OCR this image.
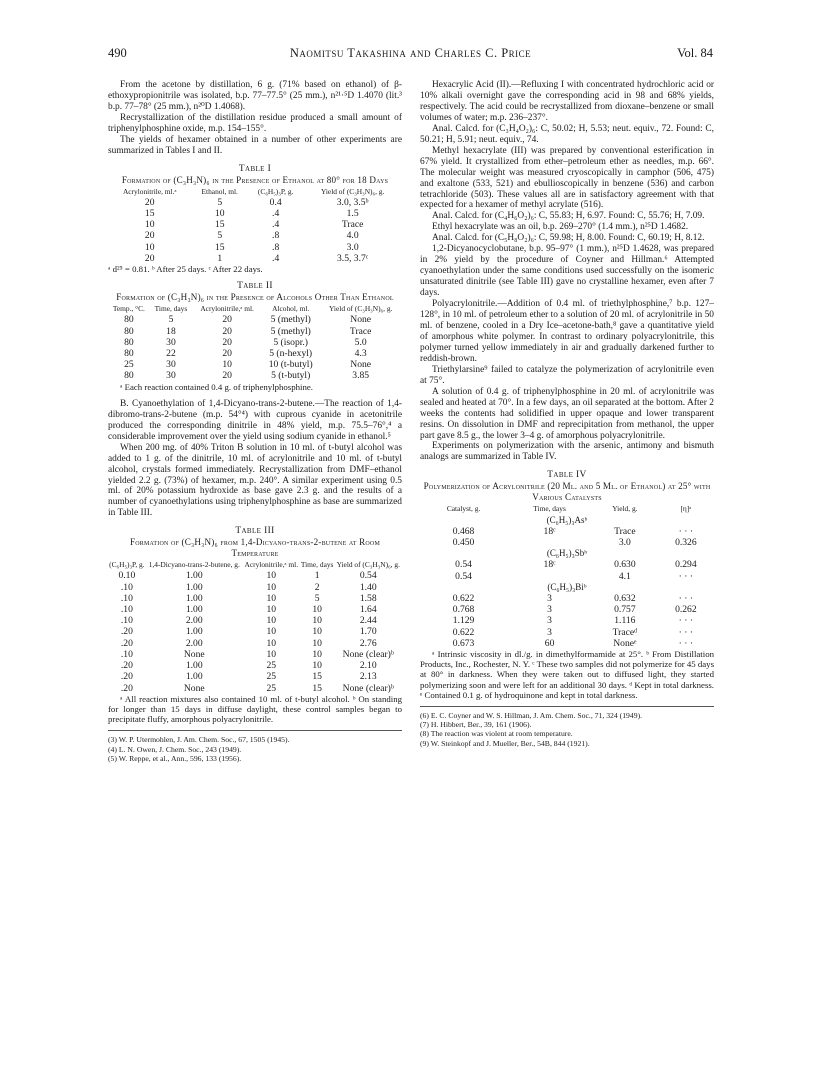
490	Naomitsu Takashina and Charles C. Price	Vol. 84

From the acetone by distillation, 6 g. (71% based on ethanol) of β-ethoxypropionitrile was isolated, b.p. 77–77.5° (25 mm.), n²¹·⁵D 1.4070 (lit.³ b.p. 77–78° (25 mm.), n²⁰D 1.4068).

Recrystallization of the distillation residue produced a small amount of triphenylphosphine oxide, m.p. 154–155°.

The yields of hexamer obtained in a number of other experiments are summarized in Tables I and II.

Table I
Formation of (C₃H₃N)₆ in the Presence of Ethanol at 80° for 18 Days
Acrylonitrile, ml.ᵃ	Ethanol, ml.	(C₆H₅)₃P, g.	Yield of (C₃H₃N)₆, g.
20	5	0.4	3.0, 3.5ᵇ
15	10	.4	1.5
10	15	.4	Trace
20	5	.8	4.0
10	15	.8	3.0
20	1	.4	3.5, 3.7ᶜ
ᵃ d²⁵ = 0.81. ᵇ After 25 days. ᶜ After 22 days.
Table II
Formation of (C₃H₃N)₆ in the Presence of Alcohols Other Than Ethanol
Temp., °C.	Time, days	Acrylonitrile,ᵃ ml.	Alcohol, ml.	Yield of (C₃H₃N)₆, g.
80	5	20	5 (methyl)	None
80	18	20	5 (methyl)	Trace
80	30	20	5 (isopr.)	5.0
80	22	20	5 (n-hexyl)	4.3
25	30	10	10 (t-butyl)	None
80	30	20	5 (t-butyl)	3.85
ᵃ Each reaction contained 0.4 g. of triphenylphosphine.

B. Cyanoethylation of 1,4-Dicyano-trans-2-butene.—The reaction of 1,4-dibromo-trans-2-butene (m.p. 54°⁴) with cuprous cyanide in acetonitrile produced the corresponding dinitrile in 48% yield, m.p. 75.5–76°,⁴ a considerable improvement over the yield using sodium cyanide in ethanol.⁵

When 200 mg. of 40% Triton B solution in 10 ml. of t-butyl alcohol was added to 1 g. of the dinitrile, 10 ml. of acrylonitrile and 10 ml. of t-butyl alcohol, crystals formed immediately. Recrystallization from DMF–ethanol yielded 2.2 g. (73%) of hexamer, m.p. 240°. A similar experiment using 0.5 ml. of 20% potassium hydroxide as base gave 2.3 g. and the results of a number of cyanoethylations using triphenylphosphine as base are summarized in Table III.

Table III
Formation of (C₃H₃N)₆ from 1,4-Dicyano-trans-2-butene at Room Temperature
(C₆H₅)₃P, g.	1,4-Dicyano-trans-2-butene, g.	Acrylonitrile,ᵃ ml.	Time, days	Yield of (C₃H₃N)₆, g.
0.10	1.00	10	1	0.54
.10	1.00	10	2	1.40
.10	1.00	10	5	1.58
.10	1.00	10	10	1.64
.10	2.00	10	10	2.44
.20	1.00	10	10	1.70
.20	2.00	10	10	2.76
.10	None	10	10	None (clear)ᵇ
.20	1.00	25	10	2.10
.20	1.00	25	15	2.13
.20	None	25	15	None (clear)ᵇ
ᵃ All reaction mixtures also contained 10 ml. of t-butyl alcohol. ᵇ On standing for longer than 15 days in diffuse daylight, these control samples began to precipitate fluffy, amorphous polyacrylonitrile.

(3) W. P. Utermohlen, J. Am. Chem. Soc., 67, 1505 (1945).

(4) L. N. Owen, J. Chem. Soc., 243 (1949).

(5) W. Reppe, et al., Ann., 596, 133 (1956).

Hexacrylic Acid (II).—Refluxing I with concentrated hydrochloric acid or 10% alkali overnight gave the corresponding acid in 98 and 68% yields, respectively. The acid could be recrystallized from dioxane–benzene or small volumes of water; m.p. 236–237°.

Anal. Calcd. for (C₃H₄O₂)₆: C, 50.02; H, 5.53; neut. equiv., 72. Found: C, 50.21; H, 5.91; neut. equiv., 74.

Methyl hexacrylate (III) was prepared by conventional esterification in 67% yield. It crystallized from ether–petroleum ether as needles, m.p. 66°. The molecular weight was measured cryoscopically in camphor (506, 475) and exaltone (533, 521) and ebullioscopically in benzene (536) and carbon tetrachloride (503). These values all are in satisfactory agreement with that expected for a hexamer of methyl acrylate (516).

Anal. Calcd. for (C₄H₆O₂)₆: C, 55.83; H, 6.97. Found: C, 55.76; H, 7.09.

Ethyl hexacrylate was an oil, b.p. 269–270° (1.4 mm.), n²⁵D 1.4682.

Anal. Calcd. for (C₅H₈O₂)₆: C, 59.98; H, 8.00. Found: C, 60.19; H, 8.12.

1,2-Dicyanocyclobutane, b.p. 95–97° (1 mm.), n²⁵D 1.4628, was prepared in 2% yield by the procedure of Coyner and Hillman.⁶ Attempted cyanoethylation under the same conditions used successfully on the isomeric unsaturated dinitrile (see Table III) gave no crystalline hexamer, even after 7 days.

Polyacrylonitrile.—Addition of 0.4 ml. of triethylphosphine,⁷ b.p. 127–128°, in 10 ml. of petroleum ether to a solution of 20 ml. of acrylonitrile in 50 ml. of benzene, cooled in a Dry Ice–acetone-bath,⁸ gave a quantitative yield of amorphous white polymer. In contrast to ordinary polyacrylonitrile, this polymer turned yellow immediately in air and gradually darkened further to reddish-brown.

Triethylarsine⁹ failed to catalyze the polymerization of acrylonitrile even at 75°.

A solution of 0.4 g. of triphenylphosphine in 20 ml. of acrylonitrile was sealed and heated at 70°. In a few days, an oil separated at the bottom. After 2 weeks the contents had solidified in upper opaque and lower transparent resins. On dissolution in DMF and reprecipitation from methanol, the upper part gave 8.5 g., the lower 3–4 g. of amorphous polyacrylonitrile.

Experiments on polymerization with the arsenic, antimony and bismuth analogs are summarized in Table IV.

Table IV
Polymerization of Acrylonitrile (20 Ml. and 5 Ml. of Ethanol) at 25° with Various Catalysts
Catalyst, g.	Time, days	Yield, g.	[η]ᵃ
(C₆H₅)₃Asᵇ			
0.468	18ᶜ	Trace	· · ·
0.450		3.0	0.326
(C₆H₅)₃Sbᵇ			
0.54	18ᶜ	0.630	0.294
0.54		4.1	· · ·
(C₆H₅)₃Biᵇ			
0.622	3	0.632	· · ·
0.768	3	0.757	0.262
1.129	3	1.116	· · ·
0.622	3	Traceᵈ	· · ·
0.673	60	Noneᵉ	· · ·
ᵃ Intrinsic viscosity in dl./g. in dimethylformamide at 25°. ᵇ From Distillation Products, Inc., Rochester, N. Y. ᶜ These two samples did not polymerize for 45 days at 80° in darkness. When they were taken out to diffused light, they started polymerizing soon and were left for an additional 30 days. ᵈ Kept in total darkness. ᵉ Contained 0.1 g. of hydroquinone and kept in total darkness.

(6) E. C. Coyner and W. S. Hillman, J. Am. Chem. Soc., 71, 324 (1949).

(7) H. Hibbert, Ber., 39, 161 (1906).

(8) The reaction was violent at room temperature.

(9) W. Steinkopf and J. Mueller, Ber., 54B, 844 (1921).
